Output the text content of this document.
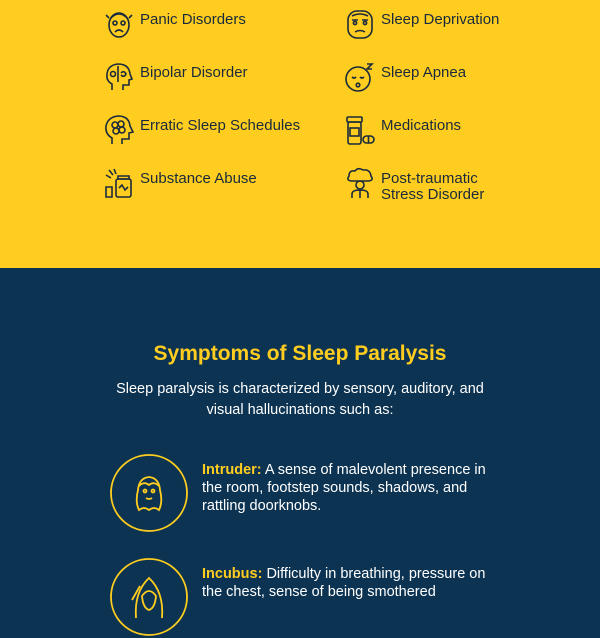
Panic Disorders
Bipolar Disorder
Erratic Sleep Schedules
Substance Abuse
Sleep Deprivation
Sleep Apnea
Medications
Post-traumatic
Stress Disorder
Symptoms of Sleep Paralysis
Sleep paralysis is characterized by sensory, auditory, and visual hallucinations such as:
Intruder: A sense of malevolent presence in the room, footstep sounds, shadows, and rattling doorknobs.
Incubus: Difficulty in breathing, pressure on the chest, sense of being smothered
